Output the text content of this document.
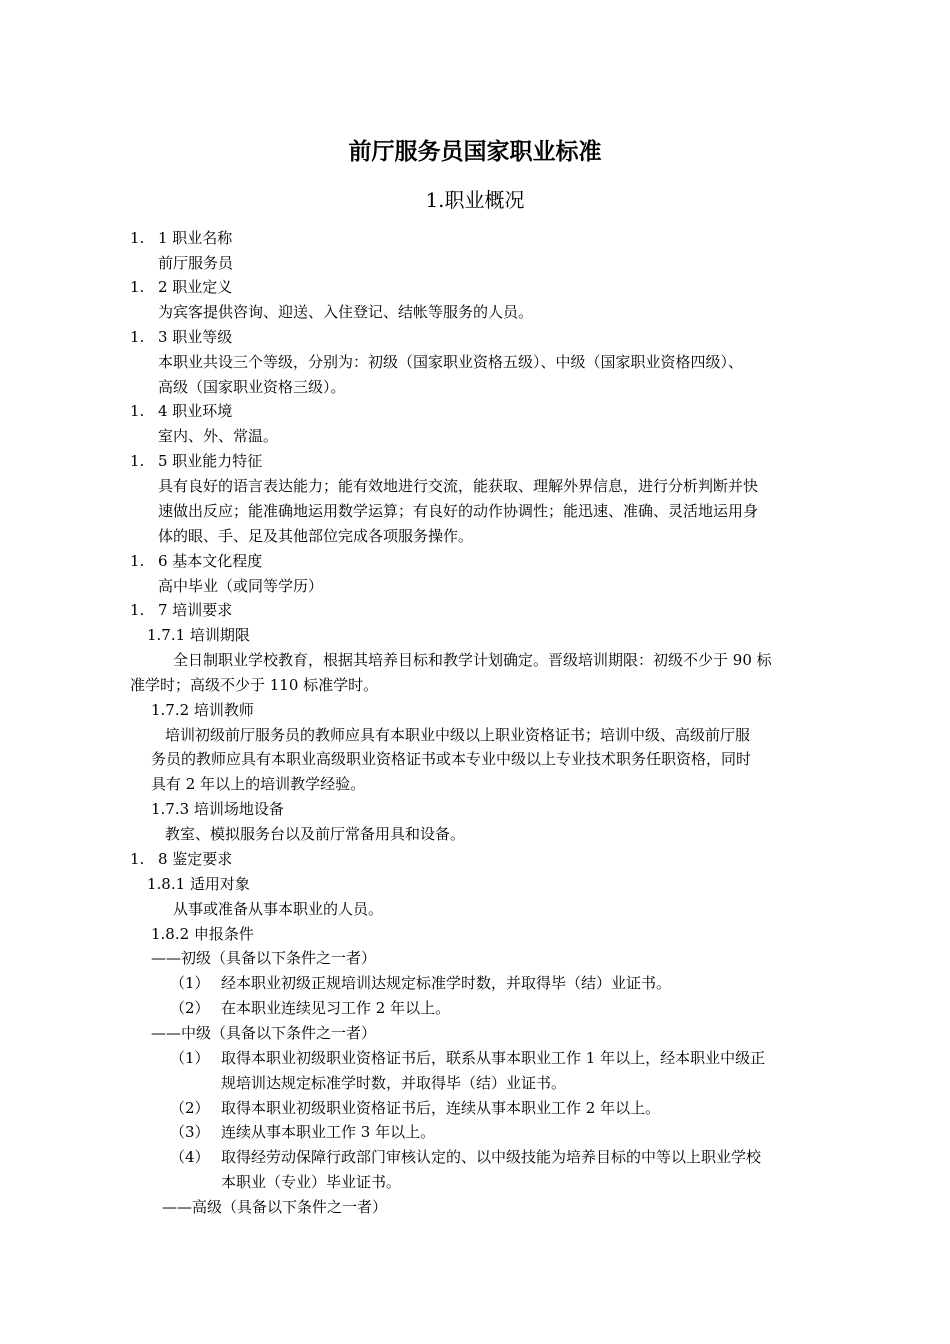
前厅服务员国家职业标准
1.职业概况
1. 1 职业名称
前厅服务员
1. 2 职业定义
为宾客提供咨询、迎送、入住登记、结帐等服务的人员。
1. 3 职业等级
本职业共设三个等级，分别为：初级（国家职业资格五级）、中级（国家职业资格四级）、
高级（国家职业资格三级）。
1. 4 职业环境
室内、外、常温。
1. 5 职业能力特征
具有良好的语言表达能力；能有效地进行交流，能获取、理解外界信息，进行分析判断并快
速做出反应；能准确地运用数学运算；有良好的动作协调性；能迅速、准确、灵活地运用身
体的眼、手、足及其他部位完成各项服务操作。
1. 6 基本文化程度
高中毕业（或同等学历）
1. 7 培训要求
1.7.1 培训期限
全日制职业学校教育，根据其培养目标和教学计划确定。晋级培训期限：初级不少于 90 标
准学时；高级不少于 110 标准学时。
1.7.2 培训教师
培训初级前厅服务员的教师应具有本职业中级以上职业资格证书；培训中级、高级前厅服
务员的教师应具有本职业高级职业资格证书或本专业中级以上专业技术职务任职资格，同时
具有 2 年以上的培训教学经验。
1.7.3 培训场地设备
教室、模拟服务台以及前厅常备用具和设备。
1. 8 鉴定要求
1.8.1 适用对象
从事或准备从事本职业的人员。
1.8.2 申报条件
——初级（具备以下条件之一者）
（1） 经本职业初级正规培训达规定标准学时数，并取得毕（结）业证书。
（2） 在本职业连续见习工作 2 年以上。
——中级（具备以下条件之一者）
（1） 取得本职业初级职业资格证书后，联系从事本职业工作 1 年以上，经本职业中级正
规培训达规定标准学时数，并取得毕（结）业证书。
（2） 取得本职业初级职业资格证书后，连续从事本职业工作 2 年以上。
（3） 连续从事本职业工作 3 年以上。
（4） 取得经劳动保障行政部门审核认定的、以中级技能为培养目标的中等以上职业学校
本职业（专业）毕业证书。
——高级（具备以下条件之一者）
